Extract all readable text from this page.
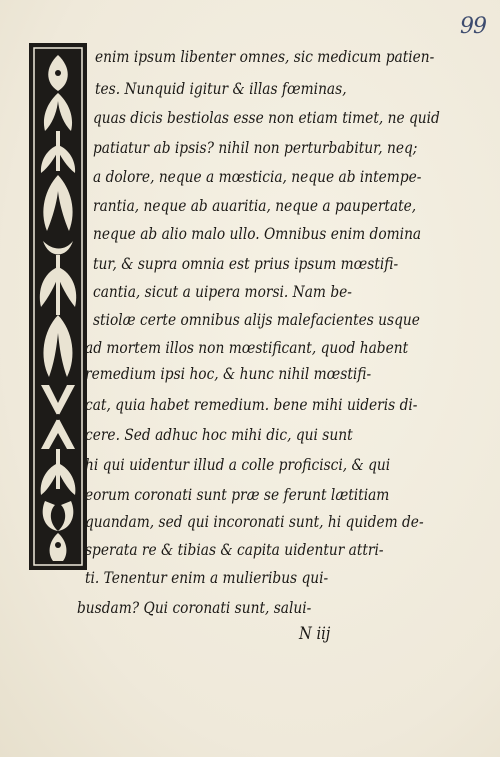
99
enim ipsum libenter omnes, sic medicum patien-
tes. Nunquid igitur & illas fœminas,
quas dicis bestiolas esse non etiam timet, ne quid
patiatur ab ipsis? nihil non perturbabitur, neq;
a dolore, neque a mœsticia, neque ab intempe-
rantia, neque ab auaritia, neque a paupertate,
neque ab alio malo ullo. Omnibus enim domina
tur, & supra omnia est prius ipsum mœstifi-
cantia, sicut a uipera morsi. Nam be-
stiolæ certe omnibus alijs malefacientes usque
ad mortem illos non mœstificant, quod habent
remedium ipsi hoc, & hunc nihil mœstifi-
cat, quia habet remedium. bene mihi uideris di-
cere. Sed adhuc hoc mihi dic, qui sunt
hi qui uidentur illud a colle proficisci, & qui
eorum coronati sunt præ se ferunt lætitiam
quandam, sed qui incoronati sunt, hi quidem de-
sperata re & tibias & capita uidentur attri-
ti. Tenentur enim a mulieribus qui-
busdam? Qui coronati sunt, salui-
N iij
